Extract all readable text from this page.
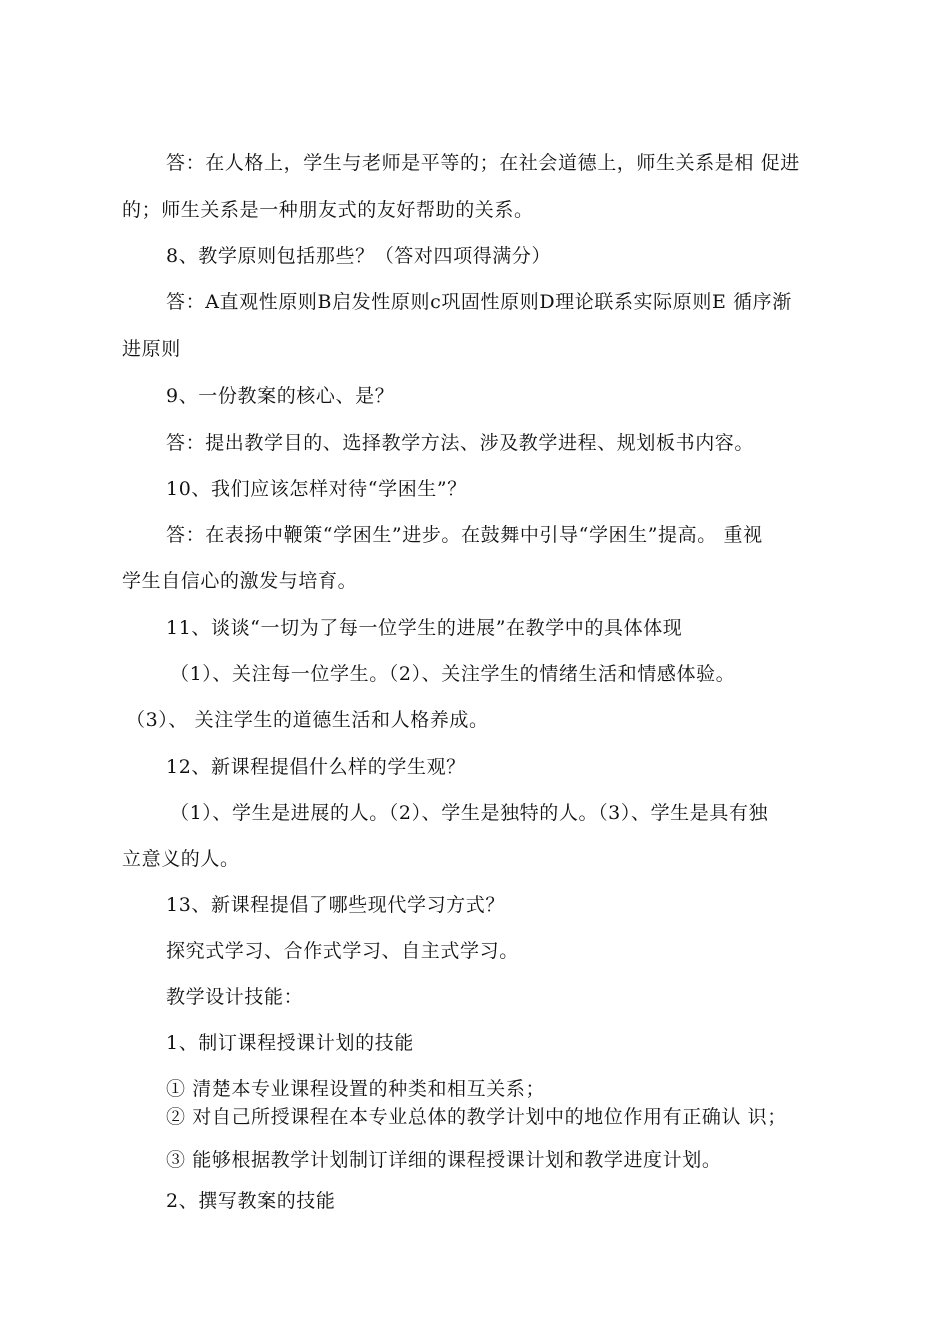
答：在人格上，学生与老师是平等的；在社会道德上，师生关系是相 促进
的；师生关系是一种朋友式的友好帮助的关系。
8、教学原则包括那些？（答对四项得满分）
答：A直观性原则B启发性原则c巩固性原则D理论联系实际原则E 循序渐
进原则
9、一份教案的核心、是？
答：提出教学目的、选择教学方法、涉及教学进程、规划板书内容。
10、我们应该怎样对待“学困生”？
答：在表扬中鞭策“学困生”进步。在鼓舞中引导“学困生”提高。 重视
学生自信心的激发与培育。
11、谈谈“一切为了每一位学生的进展”在教学中的具体体现
（1）、关注每一位学生。（2）、关注学生的情绪生活和情感体验。
（3）、 关注学生的道德生活和人格养成。
12、新课程提倡什么样的学生观？
（1）、学生是进展的人。（2）、学生是独特的人。（3）、学生是具有独
立意义的人。
13、新课程提倡了哪些现代学习方式？
探究式学习、合作式学习、自主式学习。
教学设计技能：
1、制订课程授课计划的技能
① 清楚本专业课程设置的种类和相互关系；
② 对自己所授课程在本专业总体的教学计划中的地位作用有正确认 识；
③ 能够根据教学计划制订详细的课程授课计划和教学进度计划。
2、撰写教案的技能
